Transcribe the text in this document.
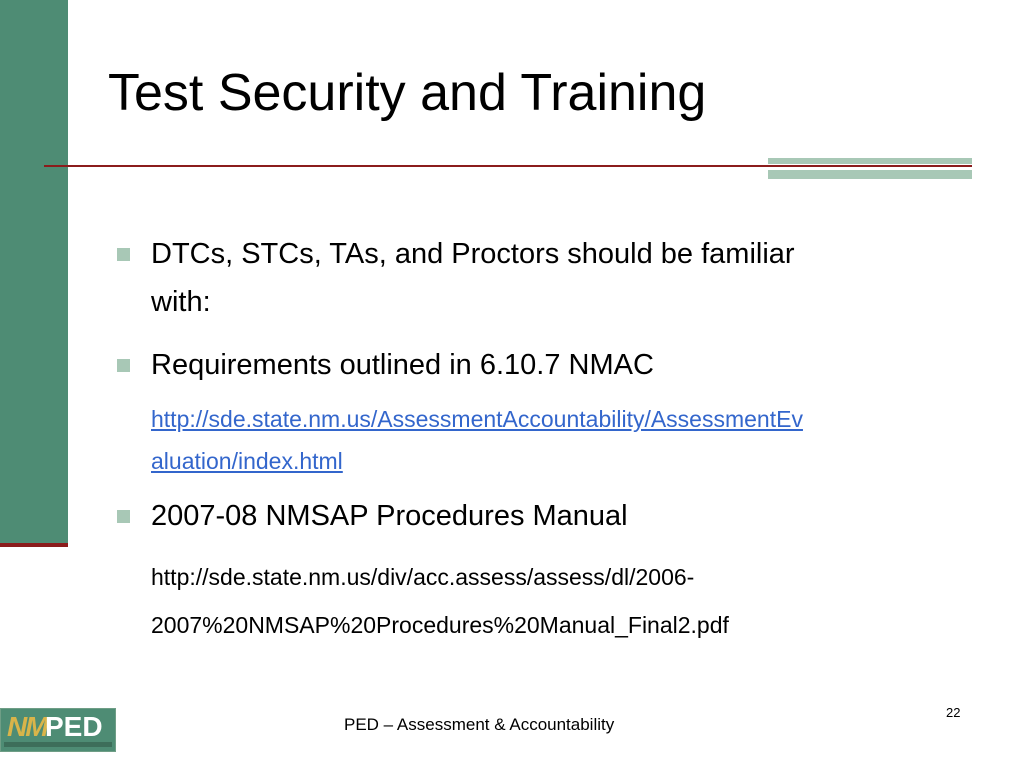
Test Security and Training
DTCs, STCs, TAs, and Proctors should be familiar
with:
Requirements outlined in 6.10.7 NMAC
http://sde.state.nm.us/AssessmentAccountability/AssessmentEv
aluation/index.html
2007-08 NMSAP Procedures Manual
http://sde.state.nm.us/div/acc.assess/assess/dl/2006-
2007%20NMSAP%20Procedures%20Manual_Final2.pdf
NM
PED	PED – Assessment & Accountability
22
